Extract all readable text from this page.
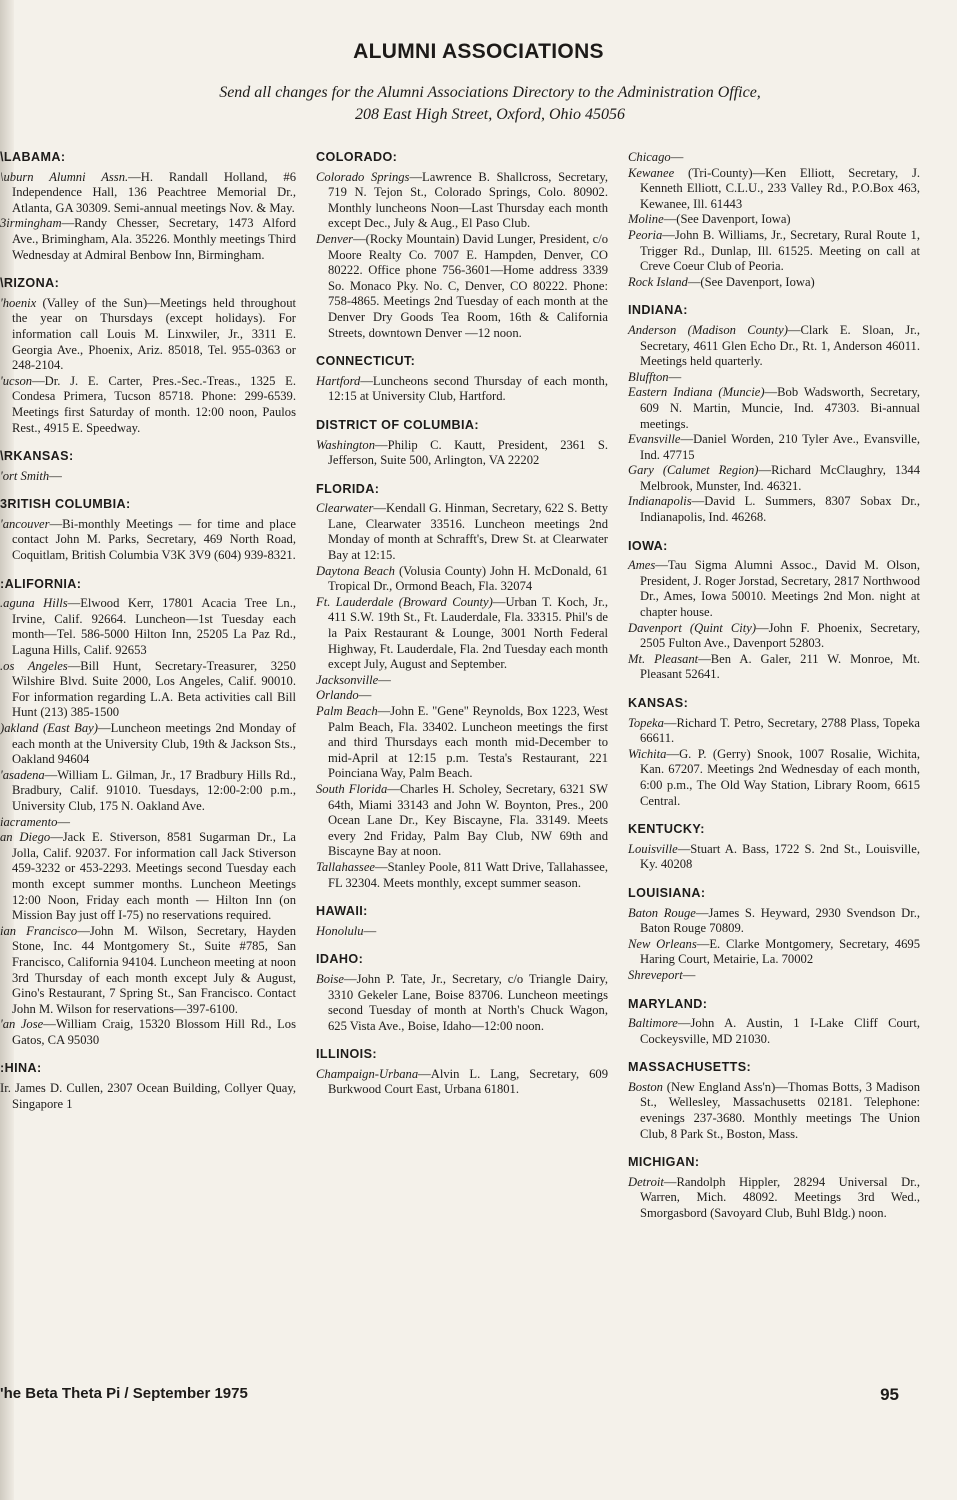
ALUMNI ASSOCIATIONS
Send all changes for the Alumni Associations Directory to the Administration Office,
208 East High Street, Oxford, Ohio 45056
\LABAMA:

\uburn Alumni Assn.—H. Randall Holland, #6 Independence Hall, 136 Peachtree Memorial Dr., Atlanta, GA 30309. Semi-annual meetings Nov. & May.

3irmingham—Randy Chesser, Secretary, 1473 Alford Ave., Brimingham, Ala. 35226. Monthly meetings Third Wednesday at Admiral Benbow Inn, Birmingham.

\RIZONA:

'hoenix (Valley of the Sun)—Meetings held throughout the year on Thursdays (except holidays). For information call Louis M. Linxwiler, Jr., 3311 E. Georgia Ave., Phoenix, Ariz. 85018, Tel. 955-0363 or 248-2104.

'ucson—Dr. J. E. Carter, Pres.-Sec.-Treas., 1325 E. Condesa Primera, Tucson 85718. Phone: 299-6539. Meetings first Saturday of month. 12:00 noon, Paulos Rest., 4915 E. Speedway.

\RKANSAS:

'ort Smith—

3RITISH COLUMBIA:

'ancouver—Bi-monthly Meetings — for time and place contact John M. Parks, Secretary, 469 North Road, Coquitlam, British Columbia V3K 3V9 (604) 939-8321.

:ALIFORNIA:

.aguna Hills—Elwood Kerr, 17801 Acacia Tree Ln., Irvine, Calif. 92664. Luncheon—1st Tuesday each month—Tel. 586-5000 Hilton Inn, 25205 La Paz Rd., Laguna Hills, Calif. 92653

.os Angeles—Bill Hunt, Secretary-Treasurer, 3250 Wilshire Blvd. Suite 2000, Los Angeles, Calif. 90010. For information regarding L.A. Beta activities call Bill Hunt (213) 385-1500

)akland (East Bay)—Luncheon meetings 2nd Monday of each month at the University Club, 19th & Jackson Sts., Oakland 94604

'asadena—William L. Gilman, Jr., 17 Bradbury Hills Rd., Bradbury, Calif. 91010. Tuesdays, 12:00-2:00 p.m., University Club, 175 N. Oakland Ave.

iacramento—

an Diego—Jack E. Stiverson, 8581 Sugarman Dr., La Jolla, Calif. 92037. For information call Jack Stiverson 459-3232 or 453-2293. Meetings second Tuesday each month except summer months. Luncheon Meetings 12:00 Noon, Friday each month — Hilton Inn (on Mission Bay just off I-75) no reservations required.

ian Francisco—John M. Wilson, Secretary, Hayden Stone, Inc. 44 Montgomery St., Suite #785, San Francisco, California 94104. Luncheon meeting at noon 3rd Thursday of each month except July & August, Gino's Restaurant, 7 Spring St., San Francisco. Contact John M. Wilson for reservations—397-6100.

'an Jose—William Craig, 15320 Blossom Hill Rd., Los Gatos, CA 95030

:HINA:

Ir. James D. Cullen, 2307 Ocean Building, Collyer Quay, Singapore 1

COLORADO:

Colorado Springs—Lawrence B. Shallcross, Secretary, 719 N. Tejon St., Colorado Springs, Colo. 80902. Monthly luncheons Noon—Last Thursday each month except Dec., July & Aug., El Paso Club.

Denver—(Rocky Mountain) David Lunger, President, c/o Moore Realty Co. 7007 E. Hampden, Denver, CO 80222. Office phone 756-3601—Home address 3339 So. Monaco Pky. No. C, Denver, CO 80222. Phone: 758-4865. Meetings 2nd Tuesday of each month at the Denver Dry Goods Tea Room, 16th & California Streets, downtown Denver —12 noon.

CONNECTICUT:

Hartford—Luncheons second Thursday of each month, 12:15 at University Club, Hartford.

DISTRICT OF COLUMBIA:

Washington—Philip C. Kautt, President, 2361 S. Jefferson, Suite 500, Arlington, VA 22202

FLORIDA:

Clearwater—Kendall G. Hinman, Secretary, 622 S. Betty Lane, Clearwater 33516. Luncheon meetings 2nd Monday of month at Schrafft's, Drew St. at Clearwater Bay at 12:15.

Daytona Beach (Volusia County) John H. McDonald, 61 Tropical Dr., Ormond Beach, Fla. 32074

Ft. Lauderdale (Broward County)—Urban T. Koch, Jr., 411 S.W. 19th St., Ft. Lauderdale, Fla. 33315. Phil's de la Paix Restaurant & Lounge, 3001 North Federal Highway, Ft. Lauderdale, Fla. 2nd Tuesday each month except July, August and September.

Jacksonville—

Orlando—

Palm Beach—John E. "Gene" Reynolds, Box 1223, West Palm Beach, Fla. 33402. Luncheon meetings the first and third Thursdays each month mid-December to mid-April at 12:15 p.m. Testa's Restaurant, 221 Poinciana Way, Palm Beach.

South Florida—Charles H. Scholey, Secretary, 6321 SW 64th, Miami 33143 and John W. Boynton, Pres., 200 Ocean Lane Dr., Key Biscayne, Fla. 33149. Meets every 2nd Friday, Palm Bay Club, NW 69th and Biscayne Bay at noon.

Tallahassee—Stanley Poole, 811 Watt Drive, Tallahassee, FL 32304. Meets monthly, except summer season.

HAWAII:

Honolulu—

IDAHO:

Boise—John P. Tate, Jr., Secretary, c/o Triangle Dairy, 3310 Gekeler Lane, Boise 83706. Luncheon meetings second Tuesday of month at North's Chuck Wagon, 625 Vista Ave., Boise, Idaho—12:00 noon.

ILLINOIS:

Champaign-Urbana—Alvin L. Lang, Secretary, 609 Burkwood Court East, Urbana 61801.

Chicago—

Kewanee (Tri-County)—Ken Elliott, Secretary, J. Kenneth Elliott, C.L.U., 233 Valley Rd., P.O.Box 463, Kewanee, Ill. 61443

Moline—(See Davenport, Iowa)

Peoria—John B. Williams, Jr., Secretary, Rural Route 1, Trigger Rd., Dunlap, Ill. 61525. Meeting on call at Creve Coeur Club of Peoria.

Rock Island—(See Davenport, Iowa)

INDIANA:

Anderson (Madison County)—Clark E. Sloan, Jr., Secretary, 4611 Glen Echo Dr., Rt. 1, Anderson 46011. Meetings held quarterly.

Bluffton—

Eastern Indiana (Muncie)—Bob Wadsworth, Secretary, 609 N. Martin, Muncie, Ind. 47303. Bi-annual meetings.

Evansville—Daniel Worden, 210 Tyler Ave., Evansville, Ind. 47715

Gary (Calumet Region)—Richard McClaughry, 1344 Melbrook, Munster, Ind. 46321.

Indianapolis—David L. Summers, 8307 Sobax Dr., Indianapolis, Ind. 46268.

IOWA:

Ames—Tau Sigma Alumni Assoc., David M. Olson, President, J. Roger Jorstad, Secretary, 2817 Northwood Dr., Ames, Iowa 50010. Meetings 2nd Mon. night at chapter house.

Davenport (Quint City)—John F. Phoenix, Secretary, 2505 Fulton Ave., Davenport 52803.

Mt. Pleasant—Ben A. Galer, 211 W. Monroe, Mt. Pleasant 52641.

KANSAS:

Topeka—Richard T. Petro, Secretary, 2788 Plass, Topeka 66611.

Wichita—G. P. (Gerry) Snook, 1007 Rosalie, Wichita, Kan. 67207. Meetings 2nd Wednesday of each month, 6:00 p.m., The Old Way Station, Library Room, 6615 Central.

KENTUCKY:

Louisville—Stuart A. Bass, 1722 S. 2nd St., Louisville, Ky. 40208

LOUISIANA:

Baton Rouge—James S. Heyward, 2930 Svendson Dr., Baton Rouge 70809.

New Orleans—E. Clarke Montgomery, Secretary, 4695 Haring Court, Metairie, La. 70002

Shreveport—

MARYLAND:

Baltimore—John A. Austin, 1 I-Lake Cliff Court, Cockeysville, MD 21030.

MASSACHUSETTS:

Boston (New England Ass'n)—Thomas Botts, 3 Madison St., Wellesley, Massachusetts 02181. Telephone: evenings 237-3680. Monthly meetings The Union Club, 8 Park St., Boston, Mass.

MICHIGAN:

Detroit—Randolph Hippler, 28294 Universal Dr., Warren, Mich. 48092. Meetings 3rd Wed., Smorgasbord (Savoyard Club, Buhl Bldg.) noon.

'he Beta Theta Pi / September 1975	95
